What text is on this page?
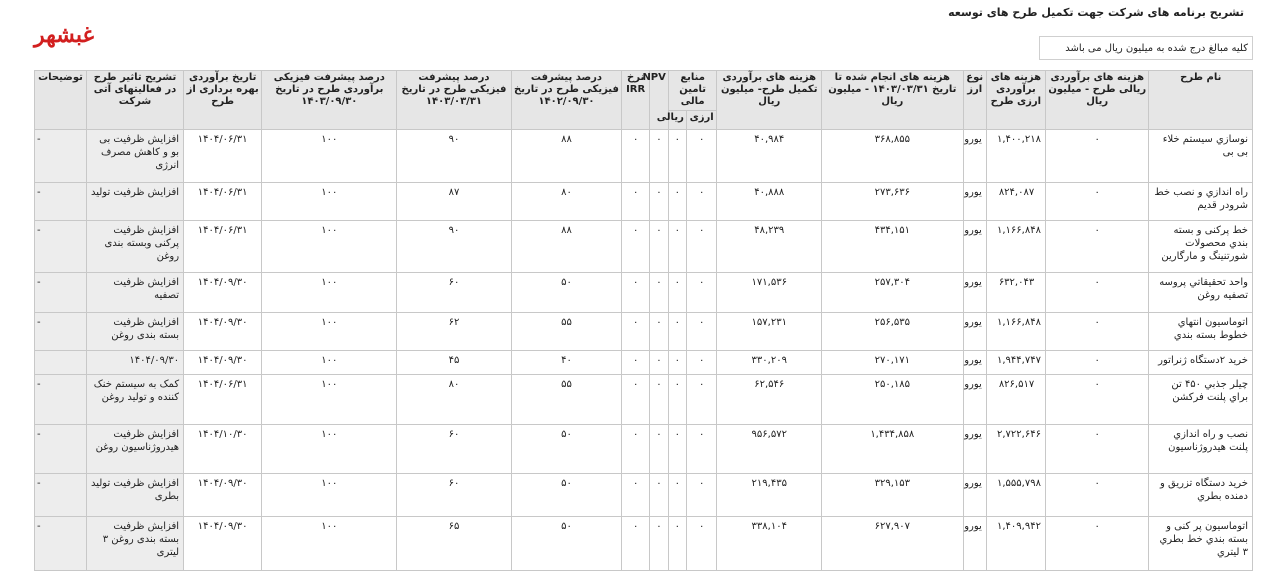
تشریح برنامه های شرکت جهت تکمیل طرح های توسعه
غبشهر
کلیه مبالغ درج شده به میلیون ریال می باشد
نام طرح	هزینه های برآوردی ریالی طرح - میلیون ریال	هزینه های برآوردی ارزی طرح	نوع ارز	هزینه های انجام شده تا تاریخ ۱۴۰۳/۰۳/۳۱ - میلیون ریال	هزینه های برآوردی تکمیل طرح- میلیون ریال	منابع تامین مالی		NPV	نرخ IRR	درصد پیشرفت فیزیکی طرح در تاریخ ۱۴۰۲/۰۹/۳۰	درصد پیشرفت فیزیکی طرح در تاریخ ۱۴۰۳/۰۳/۳۱	درصد پیشرفت فیزیکی برآوردی طرح در تاریخ ۱۴۰۳/۰۹/۳۰	تاریخ برآوردی بهره برداری از طرح	تشریح تاثیر طرح در فعالیتهای آتی شرکت	توضیحات
						ارزی	ریالی								
نوسازي سیستم خلاء بی بی	۰	۱,۴۰۰,۲۱۸	یورو	۳۶۸,۸۵۵	۴۰,۹۸۴	۰	۰	۰	۰	۸۸	۹۰	۱۰۰	۱۴۰۴/۰۶/۳۱	افزایش ظرفیت بی بو و کاهش مصرف انرژی	-
راه اندازي و نصب خط شرودر قدیم	۰	۸۲۴,۰۸۷	یورو	۲۷۳,۶۳۶	۴۰,۸۸۸	۰	۰	۰	۰	۸۰	۸۷	۱۰۰	۱۴۰۴/۰۶/۳۱	افزایش ظرفیت تولید	-
خط پرکنی و بسته بندي محصولات شورتنینگ و مارگارین	۰	۱,۱۶۶,۸۴۸	یورو	۴۳۴,۱۵۱	۴۸,۲۳۹	۰	۰	۰	۰	۸۸	۹۰	۱۰۰	۱۴۰۴/۰۶/۳۱	افزایش ظرفیت پرکنی وبسته بندی روغن	-
واحد تحقیقاتي پروسه تصفیه روغن	۰	۶۳۲,۰۴۳	یورو	۲۵۷,۳۰۴	۱۷۱,۵۳۶	۰	۰	۰	۰	۵۰	۶۰	۱۰۰	۱۴۰۴/۰۹/۳۰	افزایش ظرفیت تصفیه	-
اتوماسیون انتهاي خطوط بسته بندي	۰	۱,۱۶۶,۸۴۸	یورو	۲۵۶,۵۳۵	۱۵۷,۲۳۱	۰	۰	۰	۰	۵۵	۶۲	۱۰۰	۱۴۰۴/۰۹/۳۰	افزایش ظرفیت بسته بندی روغن	-
خرید ۲دستگاه ژنراتور	۰	۱,۹۴۴,۷۴۷	یورو	۲۷۰,۱۷۱	۳۳۰,۲۰۹	۰	۰	۰	۰	۴۰	۴۵	۱۰۰	۱۴۰۴/۰۹/۳۰	۱۴۰۴/۰۹/۳۰	
چیلر جذبي ۴۵۰ تن براي پلنت فرکشن	۰	۸۲۶,۵۱۷	یورو	۲۵۰,۱۸۵	۶۲,۵۴۶	۰	۰	۰	۰	۵۵	۸۰	۱۰۰	۱۴۰۴/۰۶/۳۱	کمک به سیستم خنک کننده و تولید روغن	-
نصب و راه اندازي پلنت هیدروژناسیون	۰	۲,۷۲۲,۶۴۶	یورو	۱,۴۳۴,۸۵۸	۹۵۶,۵۷۲	۰	۰	۰	۰	۵۰	۶۰	۱۰۰	۱۴۰۴/۱۰/۳۰	افزایش ظرفیت هیدروژناسیون روغن	-
خرید دستگاه تزریق و دمنده بطري	۰	۱,۵۵۵,۷۹۸	یورو	۳۲۹,۱۵۳	۲۱۹,۴۳۵	۰	۰	۰	۰	۵۰	۶۰	۱۰۰	۱۴۰۴/۰۹/۳۰	افزایش ظرفیت تولید بطری	-
اتوماسیون پر کنی و بسته بندي خط بطري ۳ لیتري	۰	۱,۴۰۹,۹۴۲	یورو	۶۲۷,۹۰۷	۳۳۸,۱۰۴	۰	۰	۰	۰	۵۰	۶۵	۱۰۰	۱۴۰۴/۰۹/۳۰	افزایش ظرفیت بسته بندی روغن ۳ لیتری	-
